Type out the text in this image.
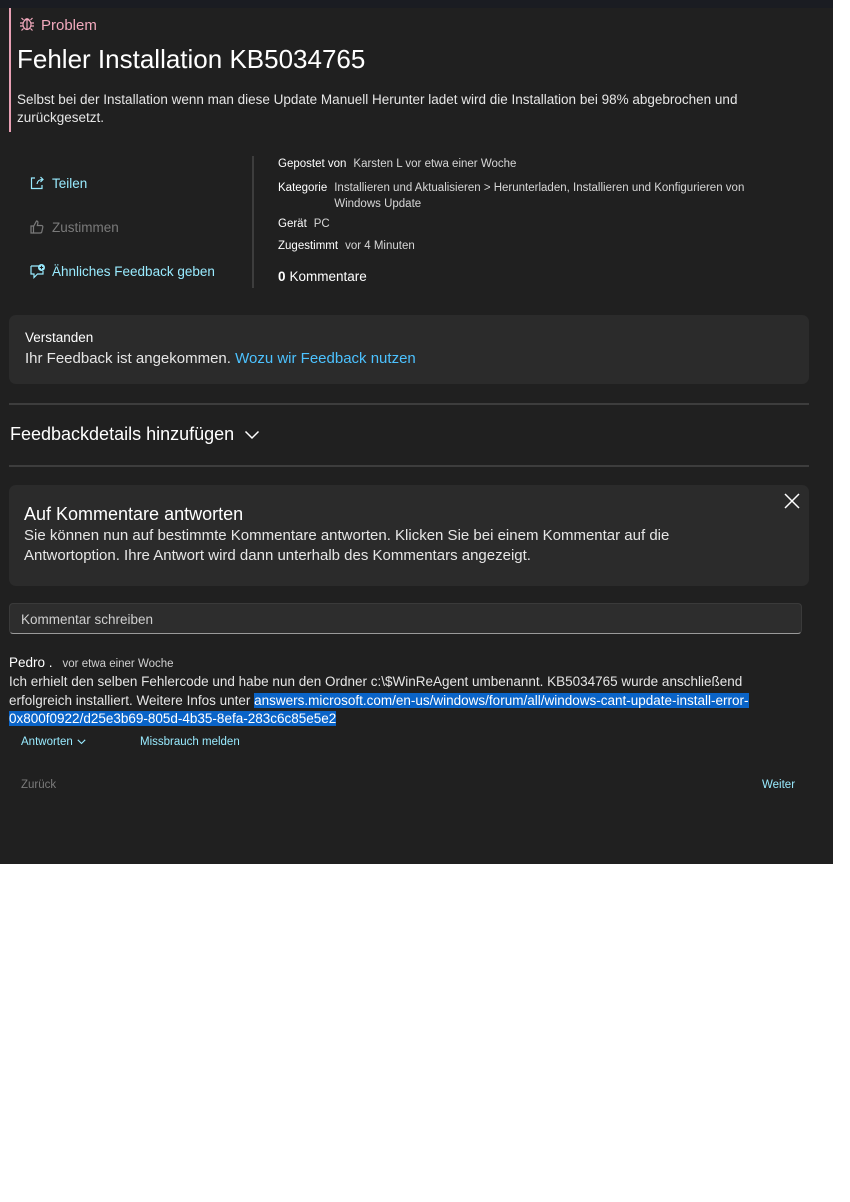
Problem
Fehler Installation KB5034765
Selbst bei der Installation wenn man diese Update Manuell Herunter ladet wird die Installation bei 98% abgebrochen und zurückgesetzt.
Teilen
Zustimmen
Ähnliches Feedback geben
Gepostet von Karsten L vor etwa einer Woche
Kategorie Installieren und Aktualisieren > Herunterladen, Installieren und Konfigurieren von Windows Update
Gerät PC
Zugestimmt vor 4 Minuten
0 Kommentare
Verstanden
Ihr Feedback ist angekommen. Wozu wir Feedback nutzen
Feedbackdetails hinzufügen
Auf Kommentare antworten
Sie können nun auf bestimmte Kommentare antworten. Klicken Sie bei einem Kommentar auf die Antwortoption. Ihre Antwort wird dann unterhalb des Kommentars angezeigt.
Kommentar schreiben
Pedro . vor etwa einer Woche
Ich erhielt den selben Fehlercode und habe nun den Ordner c:\$WinReAgent umbenannt. KB5034765 wurde anschließend erfolgreich installiert. Weitere Infos unter answers.microsoft.com/en-us/windows/forum/all/windows-cant-update-install-error-0x800f0922/d25e3b69-805d-4b35-8efa-283c6c85e5e2
Antworten	Missbrauch melden
Zurück	Weiter
